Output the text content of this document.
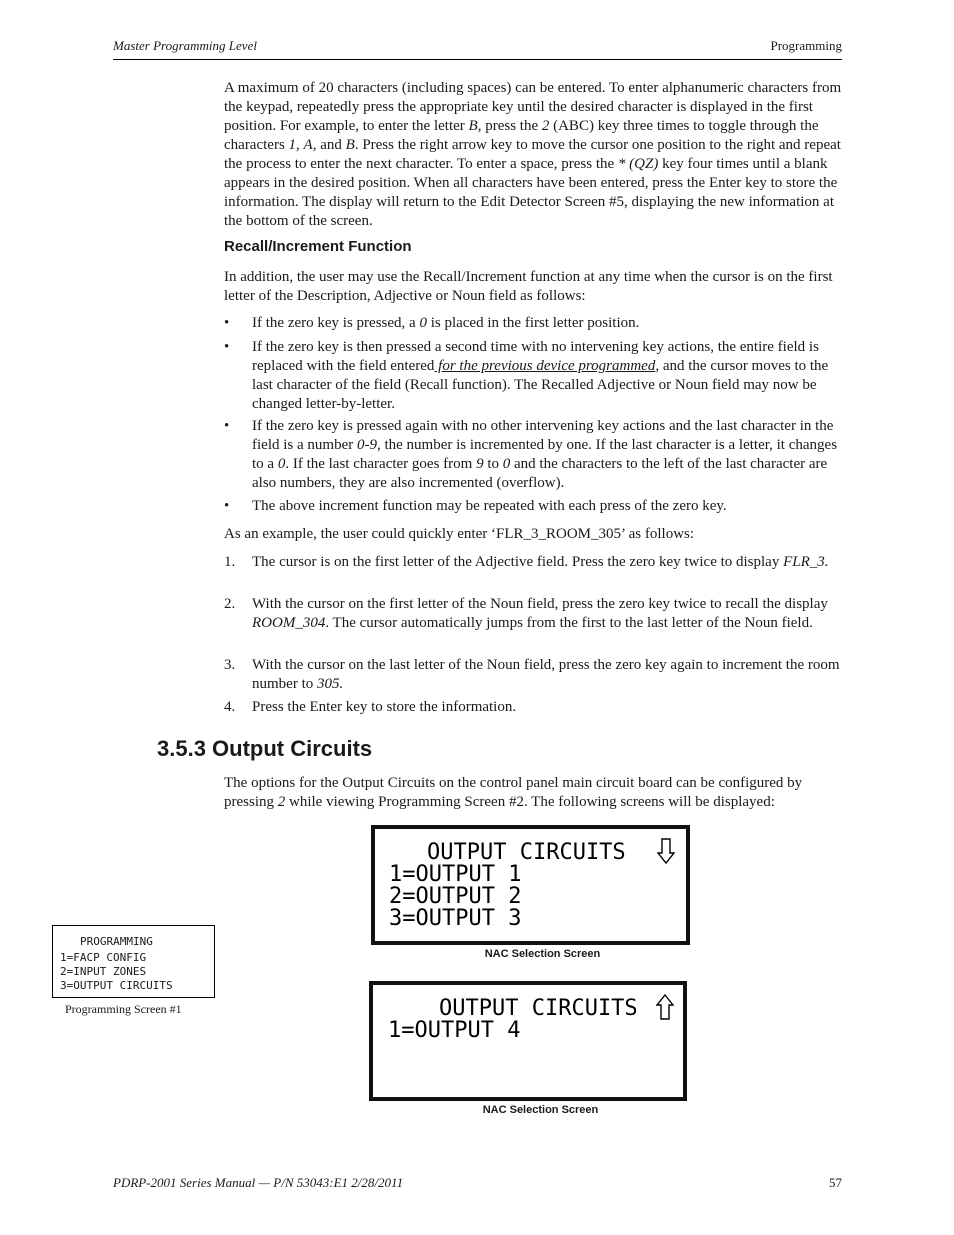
Master Programming Level	Programming

A maximum of 20 characters (including spaces) can be entered. To enter alphanumeric characters from the keypad, repeatedly press the appropriate key until the desired character is displayed in the first position. For example, to enter the letter B, press the 2 (ABC) key three times to toggle through the characters 1, A, and B. Press the right arrow key to move the cursor one position to the right and repeat the process to enter the next character. To enter a space, press the * (QZ) key four times until a blank appears in the desired position. When all characters have been entered, press the Enter key to store the information. The display will return to the Edit Detector Screen #5, displaying the new information at the bottom of the screen.

Recall/Increment Function

In addition, the user may use the Recall/Increment function at any time when the cursor is on the first letter of the Description, Adjective or Noun field as follows:

• If the zero key is pressed, a 0 is placed in the first letter position.
• If the zero key is then pressed a second time with no intervening key actions, the entire field is replaced with the field entered for the previous device programmed, and the cursor moves to the last character of the field (Recall function). The Recalled Adjective or Noun field may now be changed letter-by-letter.
• If the zero key is pressed again with no other intervening key actions and the last character in the field is a number 0-9, the number is incremented by one. If the last character is a letter, it changes to a 0. If the last character goes from 9 to 0 and the characters to the left of the last character are also numbers, they are also incremented (overflow).
• The above increment function may be repeated with each press of the zero key.

As an example, the user could quickly enter ‘FLR_3_ROOM_305’ as follows:

1. The cursor is on the first letter of the Adjective field. Press the zero key twice to display FLR_3.
2. With the cursor on the first letter of the Noun field, press the zero key twice to recall the display ROOM_304. The cursor automatically jumps from the first to the last letter of the Noun field.
3. With the cursor on the last letter of the Noun field, press the zero key again to increment the room number to 305.
4. Press the Enter key to store the information.
3.5.3 Output Circuits

The options for the Output Circuits on the control panel main circuit board can be configured by pressing 2 while viewing Programming Screen #2. The following screens will be displayed:

OUTPUT CIRCUITS
1=OUTPUT 1
2=OUTPUT 2
3=OUTPUT 3
NAC Selection Screen
OUTPUT CIRCUITS
1=OUTPUT 4
NAC Selection Screen
PROGRAMMING
1=FACP CONFIG
2=INPUT ZONES
3=OUTPUT CIRCUITS
Programming Screen #1
PDRP-2001 Series Manual — P/N 53043:E1 2/28/2011	57
